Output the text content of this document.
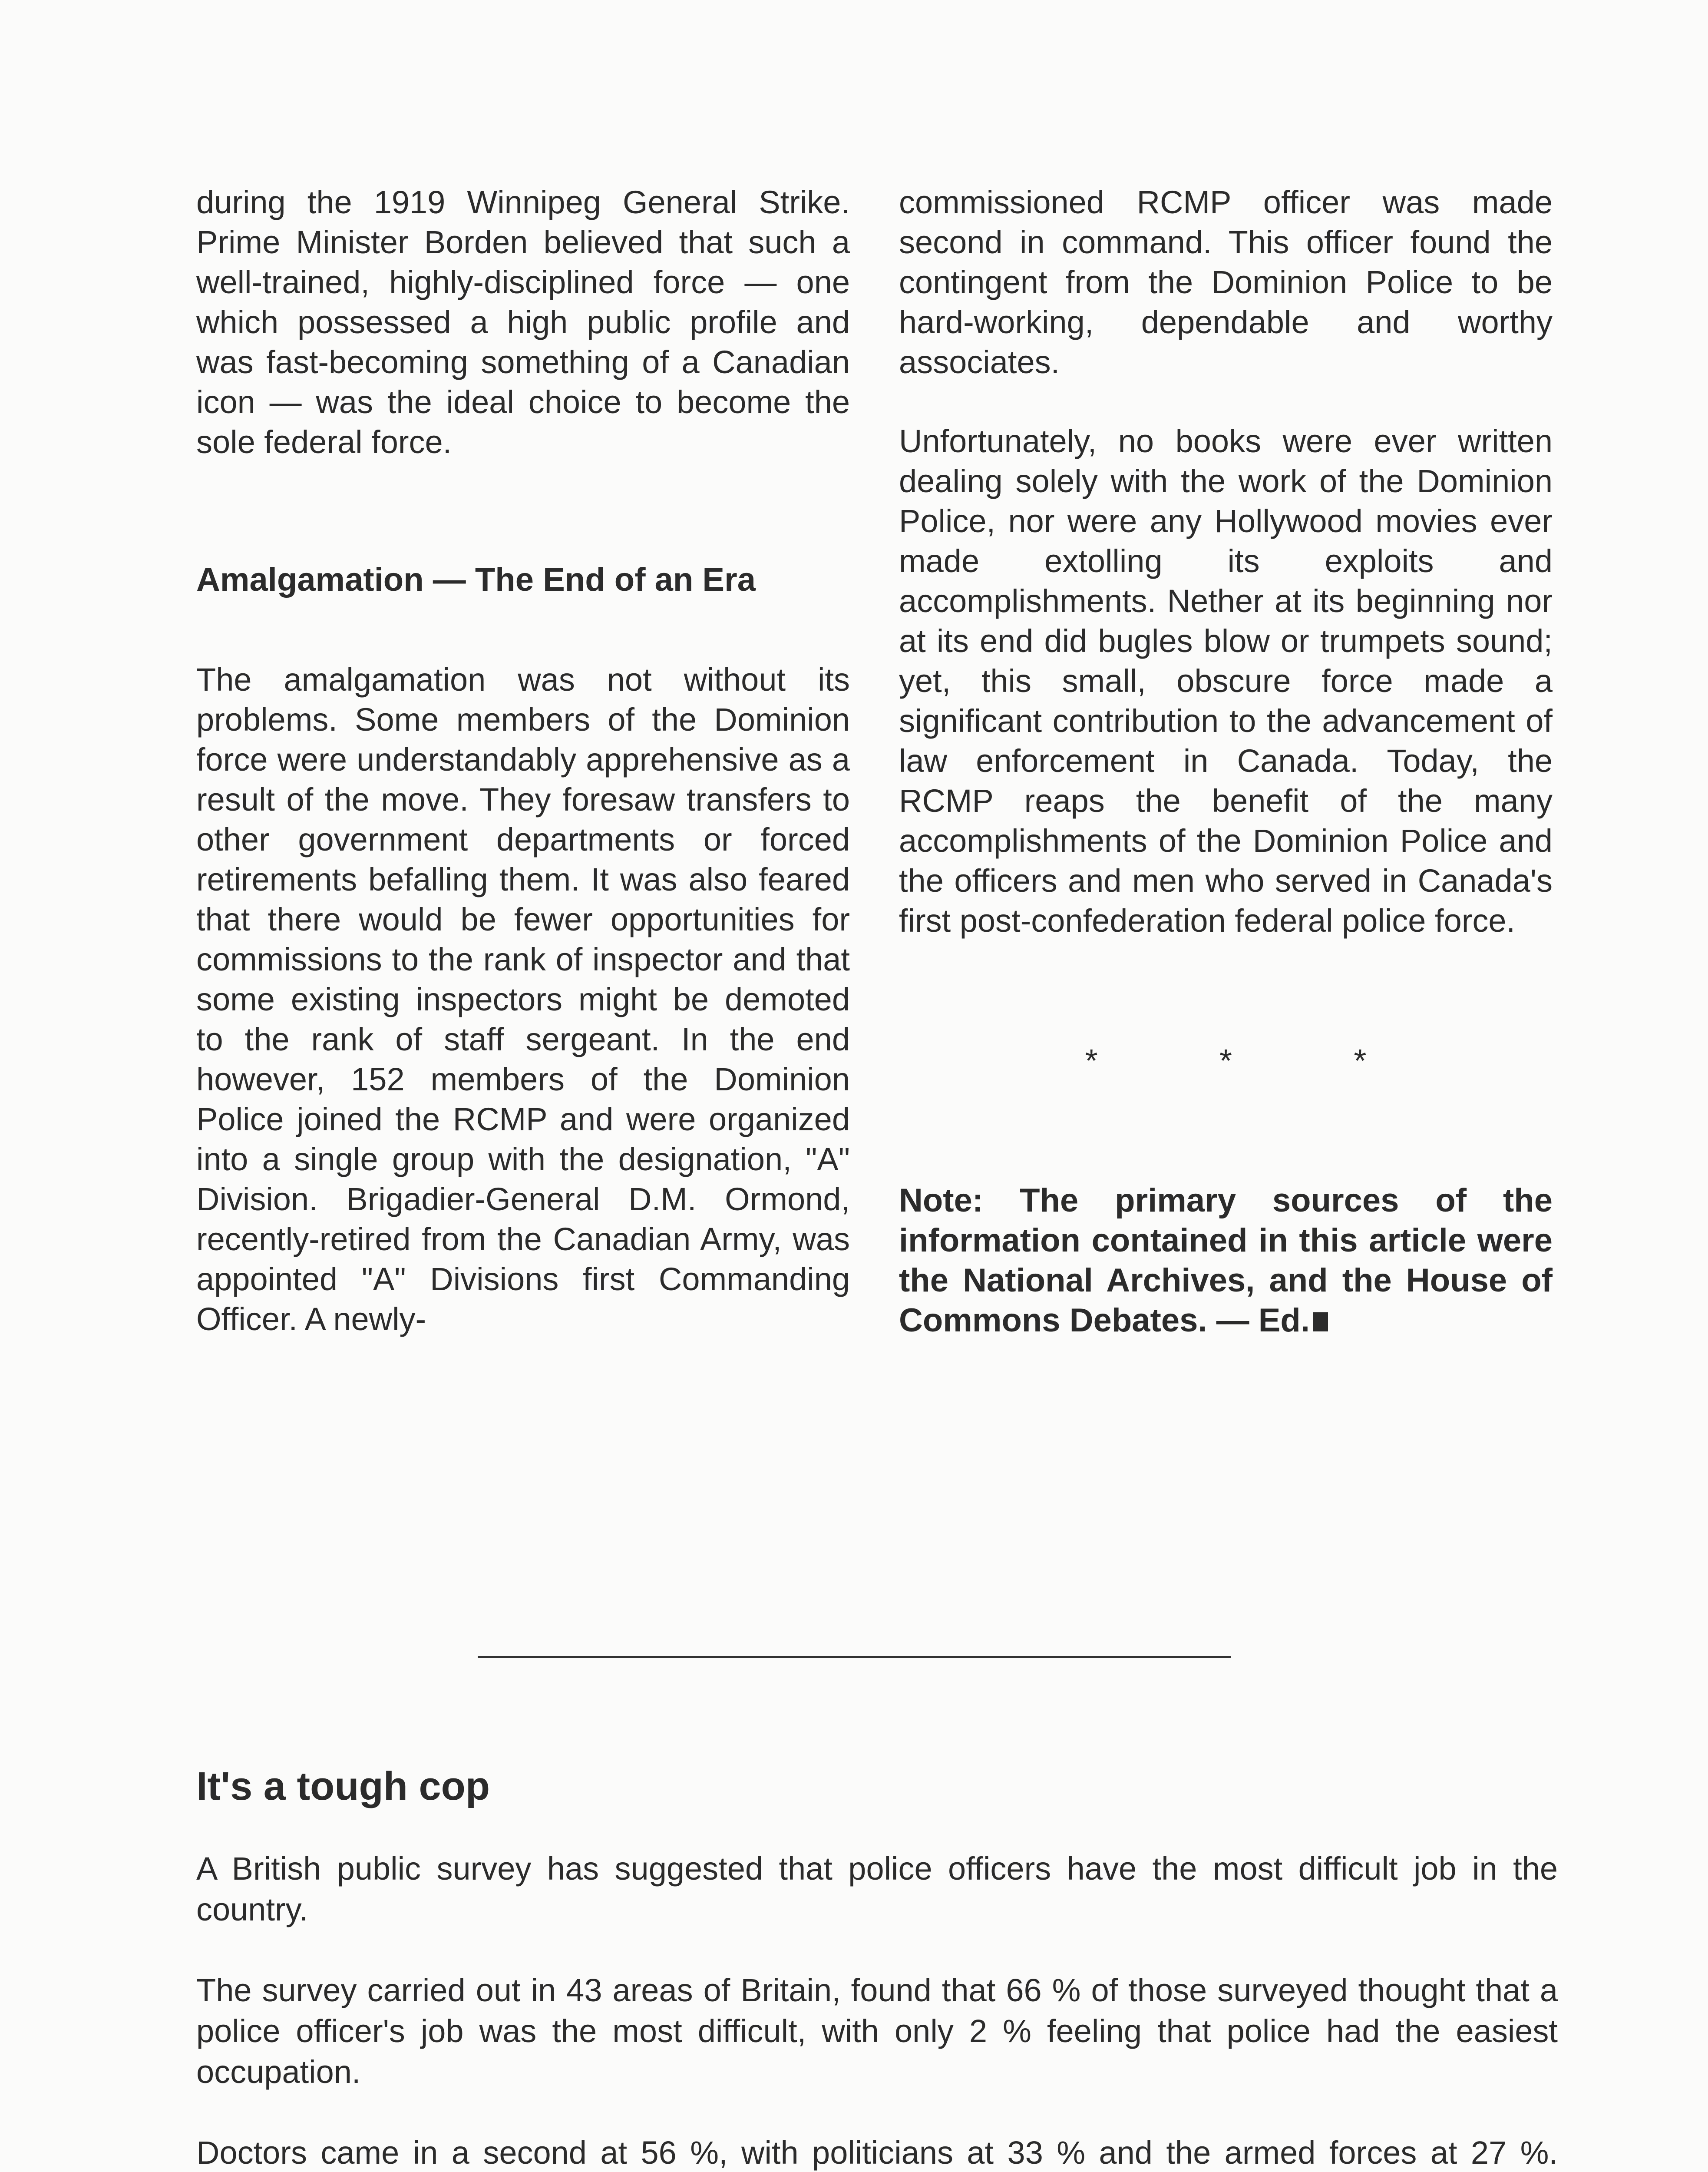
during the 1919 Winnipeg General Strike. Prime Minister Borden believed that such a well-trained, highly-disciplined force — one which possessed a high public profile and was fast-becoming something of a Canadian icon — was the ideal choice to become the sole federal force.

Amalgamation — The End of an Era

The amalgamation was not without its problems. Some members of the Dominion force were understandably apprehensive as a result of the move. They foresaw transfers to other government departments or forced retirements befalling them. It was also feared that there would be fewer opportunities for commissions to the rank of inspector and that some existing inspectors might be demoted to the rank of staff sergeant. In the end however, 152 members of the Dominion Police joined the RCMP and were organized into a single group with the designation, "A" Division. Brigadier-General D.M. Ormond, recently-retired from the Canadian Army, was appointed "A" Divisions first Commanding Officer. A newly-

commissioned RCMP officer was made second in command. This officer found the contingent from the Dominion Police to be hard-working, dependable and worthy associates.

Unfortunately, no books were ever written dealing solely with the work of the Dominion Police, nor were any Hollywood movies ever made extolling its exploits and accomplishments. Nether at its beginning nor at its end did bugles blow or trumpets sound; yet, this small, obscure force made a significant contribution to the advancement of law enforcement in Canada. Today, the RCMP reaps the benefit of the many accomplishments of the Dominion Police and the officers and men who served in Canada's first post-confederation federal police force.

* * *
Note: The primary sources of the information contained in this article were the National Archives, and the House of Commons Debates. — Ed.
It's a tough cop

A British public survey has suggested that police officers have the most difficult job in the country.

The survey carried out in 43 areas of Britain, found that 66 % of those surveyed thought that a police officer's job was the most difficult, with only 2 % feeling that police had the easiest occupation.

Doctors came in a second at 56 %, with politicians at 33 % and the armed forces at 27 %.
